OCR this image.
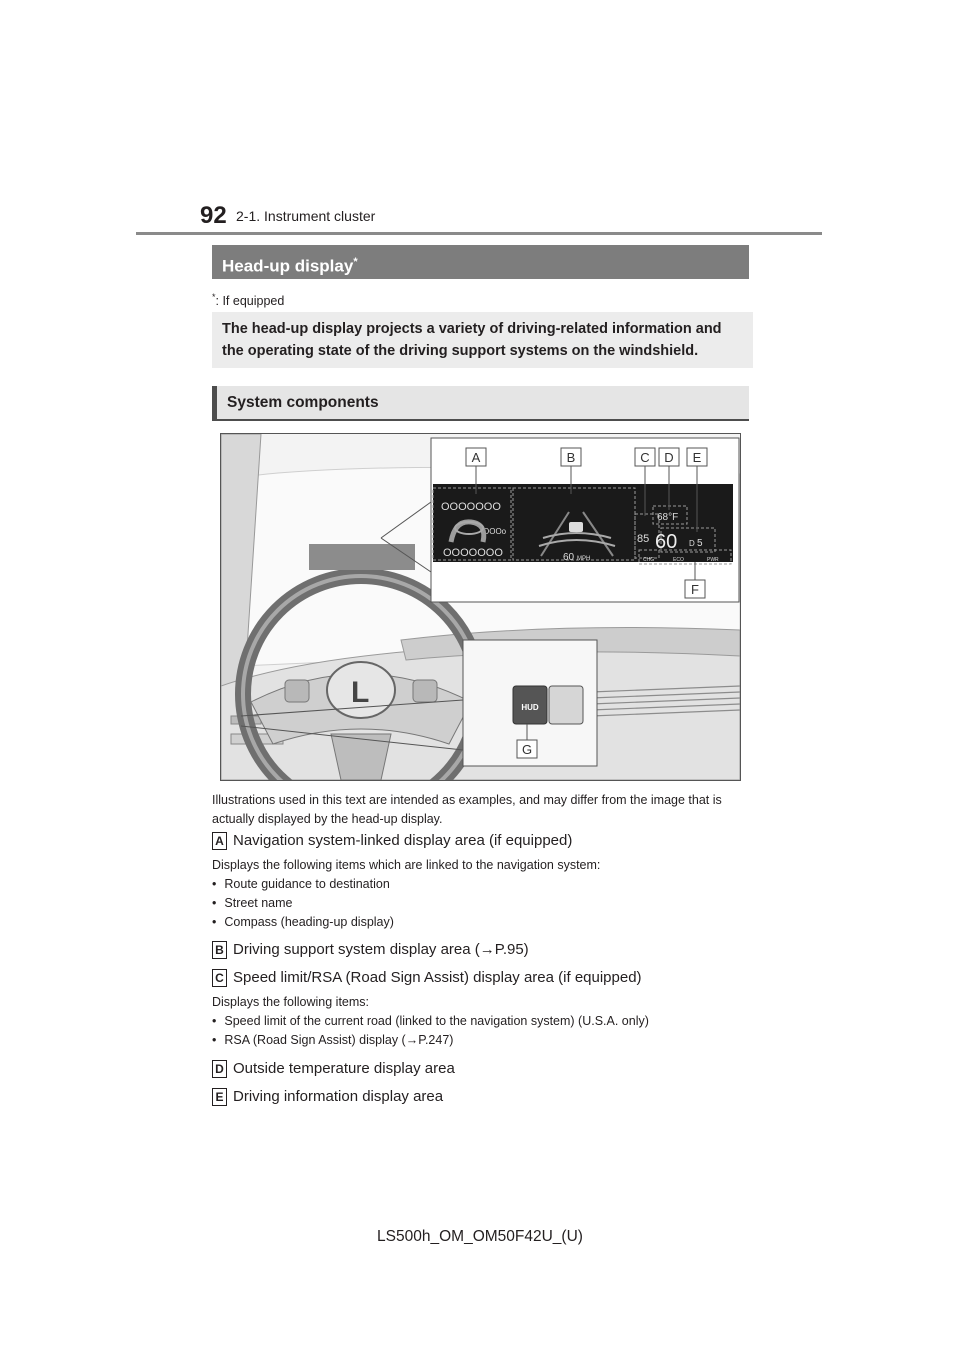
92 2-1. Instrument cluster
Head-up display*
*: If equipped
The head-up display projects a variety of driving-related information and the operating state of the driving support systems on the windshield.
System components
L
OOOOOOO
OOOOOOO
OOOo
60 MPH
68°F
85 60 D 5
CHG	ECO	PWR
A	B	C D E
F
HUD
G
Illustrations used in this text are intended as examples, and may differ from the image that is actually displayed by the head-up display.
A Navigation system-linked display area (if equipped)
Displays the following items which are linked to the navigation system:
• Route guidance to destination
• Street name
• Compass (heading-up display)
B Driving support system display area (→P.95)
C Speed limit/RSA (Road Sign Assist) display area (if equipped)
Displays the following items:
• Speed limit of the current road (linked to the navigation system) (U.S.A. only)
• RSA (Road Sign Assist) display (→P.247)
D Outside temperature display area
E Driving information display area
LS500h_OM_OM50F42U_(U)
